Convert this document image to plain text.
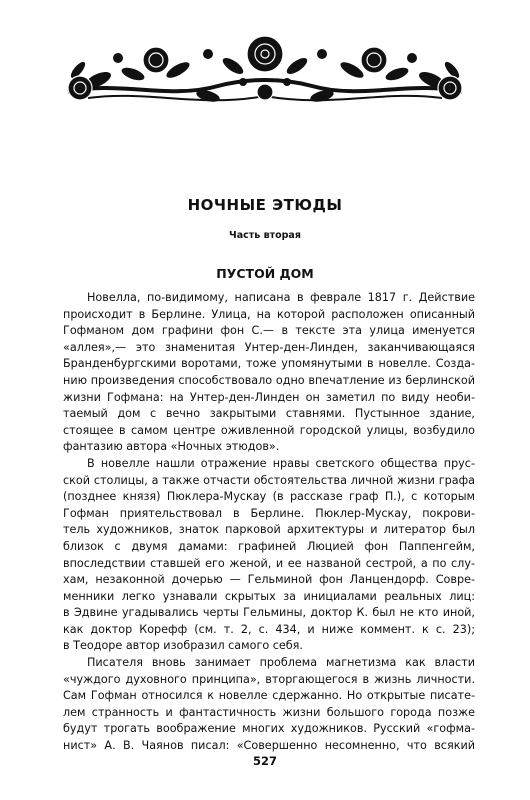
НОЧНЫЕ ЭТЮДЫ
Часть вторая
ПУСТОЙ ДОМ
Новелла, по-видимому, написана в феврале 1817 г. Действие
происходит в Берлине. Улица, на которой расположен описанный
Гофманом дом графини фон С.— в тексте эта улица именуется
«аллея»,— это знаменитая Унтер-ден-Линден, заканчивающаяся
Бранденбургскими воротами, тоже упомянутыми в новелле. Созда-
нию произведения способствовало одно впечатление из берлинской
жизни Гофмана: на Унтер-ден-Линден он заметил по виду необи-
таемый дом с вечно закрытыми ставнями. Пустынное здание,
стоящее в самом центре оживленной городской улицы, возбудило
фантазию автора «Ночных этюдов».
В новелле нашли отражение нравы светского общества прус-
ской столицы, а также отчасти обстоятельства личной жизни графа
(позднее князя) Пюклера-Мускау (в рассказе граф П.), с которым
Гофман приятельствовал в Берлине. Пюклер-Мускау, покрови-
тель художников, знаток парковой архитектуры и литератор был
близок с двумя дамами: графиней Люцией фон Паппенгейм,
впоследствии ставшей его женой, и ее названой сестрой, а по слу-
хам, незаконной дочерью — Гельминой фон Ланцендорф. Совре-
менники легко узнавали скрытых за инициалами реальных лиц:
в Эдвине угадывались черты Гельмины, доктор К. был не кто иной,
как доктор Корефф (см. т. 2, с. 434, и ниже коммент. к с. 23);
в Теодоре автор изобразил самого себя.
Писателя вновь занимает проблема магнетизма как власти
«чуждого духовного принципа», вторгающегося в жизнь личности.
Сам Гофман относился к новелле сдержанно. Но открытые писате-
лем странность и фантастичность жизни большого города позже
будут трогать воображение многих художников. Русский «гофма-
нист» А. В. Чаянов писал: «Совершенно несомненно, что всякий
527
